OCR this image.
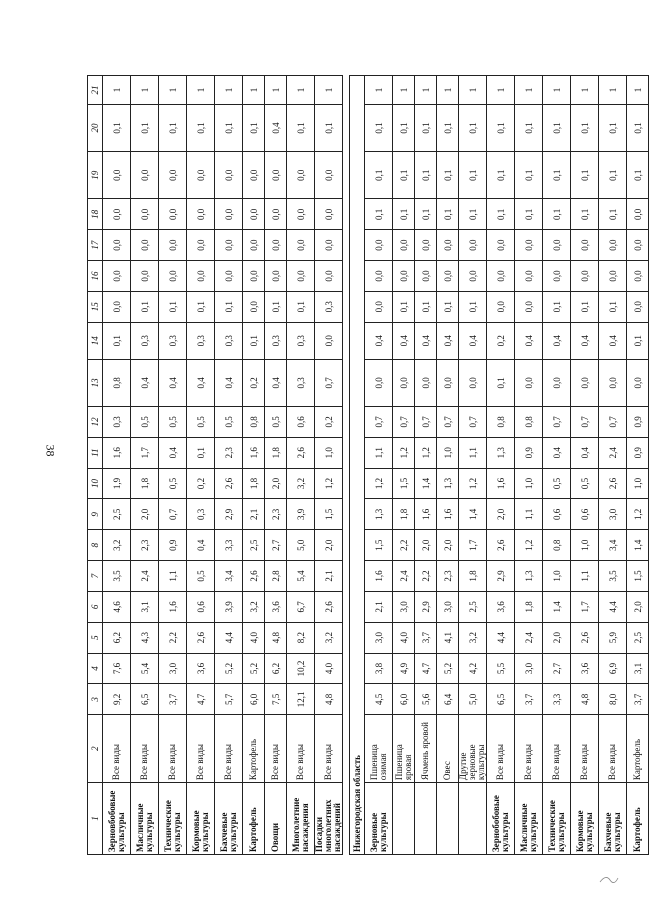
38
1	2	3	4	5	6	7	8	9	10	11	12	13	14	15	16	17	18	19	20	21
Зерновбобовые культуры	Все виды	9,2	7,6	6,2	4,6	3,5	3,2	2,5	1,9	1,6	0,3	0,8	0,1	0,0	0,0	0,0	0,0	0,0	0,1	1
Масличные культуры	Все виды	6,5	5,4	4,3	3,1	2,4	2,3	2,0	1,8	1,7	0,5	0,4	0,3	0,1	0,0	0,0	0,0	0,0	0,1	1
Технические культуры	Все виды	3,7	3,0	2,2	1,6	1,1	0,9	0,7	0,5	0,4	0,5	0,4	0,3	0,1	0,0	0,0	0,0	0,0	0,1	1
Кормовые культуры	Все виды	4,7	3,6	2,6	0,6	0,5	0,4	0,3	0,2	0,1	0,5	0,4	0,3	0,1	0,0	0,0	0,0	0,0	0,1	1
Бахчевые культуры	Все виды	5,7	5,2	4,4	3,9	3,4	3,3	2,9	2,6	2,3	0,5	0,4	0,3	0,1	0,0	0,0	0,0	0,0	0,1	1
Картофель	Картофель	6,0	5,2	4,0	3,2	2,6	2,5	2,1	1,8	1,6	0,8	0,2	0,1	0,0	0,0	0,0	0,0	0,0	0,1	1
Овощи	Все виды	7,5	6,2	4,8	3,6	2,8	2,7	2,3	2,0	1,8	0,5	0,4	0,3	0,1	0,0	0,0	0,0	0,0	0,4	1
Многолетние насаждения	Все виды	12,1	10,2	8,2	6,7	5,4	5,0	3,9	3,2	2,6	0,6	0,3	0,3	0,1	0,0	0,0	0,0	0,0	0,1	1
Посадки многолетних насаждений	Все виды	4,8	4,0	3,2	2,6	2,1	2,0	1,5	1,2	1,0	0,2	0,7	0,0	0,3	0,0	0,0	0,0	0,0	0,1	1

Нижегородская область																				
Зерновые культуры	Пшеница озимая	4,5	3,8	3,0	2,1	1,6	1,5	1,3	1,2	1,1	0,7	0,0	0,4	0,0	0,0	0,0	0,1	0,1	0,1	1
	Пшеница яровая	6,0	4,9	4,0	3,0	2,4	2,2	1,8	1,5	1,2	0,7	0,0	0,4	0,1	0,0	0,0	0,1	0,1	0,1	1
	Ячмень яровой	5,6	4,7	3,7	2,9	2,2	2,0	1,6	1,4	1,2	0,7	0,0	0,4	0,1	0,0	0,0	0,1	0,1	0,1	1
	Овес	6,4	5,2	4,1	3,0	2,3	2,0	1,6	1,3	1,0	0,7	0,0	0,4	0,1	0,0	0,0	0,1	0,1	0,1	1
	Другие зерновые культуры	5,0	4,2	3,2	2,5	1,8	1,7	1,4	1,2	1,1	0,7	0,0	0,4	0,1	0,0	0,0	0,1	0,1	0,1	1
Зернобобовые культуры	Все виды	6,5	5,5	4,4	3,6	2,9	2,6	2,0	1,6	1,3	0,8	0,1	0,2	0,0	0,0	0,0	0,1	0,1	0,1	1
Масличные культуры	Все виды	3,7	3,0	2,4	1,8	1,3	1,2	1,1	1,0	0,9	0,8	0,0	0,4	0,0	0,0	0,0	0,1	0,1	0,1	1
Технические культуры	Все виды	3,3	2,7	2,0	1,4	1,0	0,8	0,6	0,5	0,4	0,7	0,0	0,4	0,1	0,0	0,0	0,1	0,1	0,1	1
Кормовые культуры	Все виды	4,8	3,6	2,6	1,7	1,1	1,0	0,6	0,5	0,4	0,7	0,0	0,4	0,1	0,0	0,0	0,1	0,1	0,1	1
Бахчевые культуры	Все виды	8,0	6,9	5,9	4,4	3,5	3,4	3,0	2,6	2,4	0,7	0,0	0,4	0,1	0,0	0,0	0,1	0,1	0,1	1
Картофель	Картофель	3,7	3,1	2,5	2,0	1,5	1,4	1,2	1,0	0,9	0,9	0,0	0,1	0,0	0,0	0,0	0,0	0,1	0,1	1
